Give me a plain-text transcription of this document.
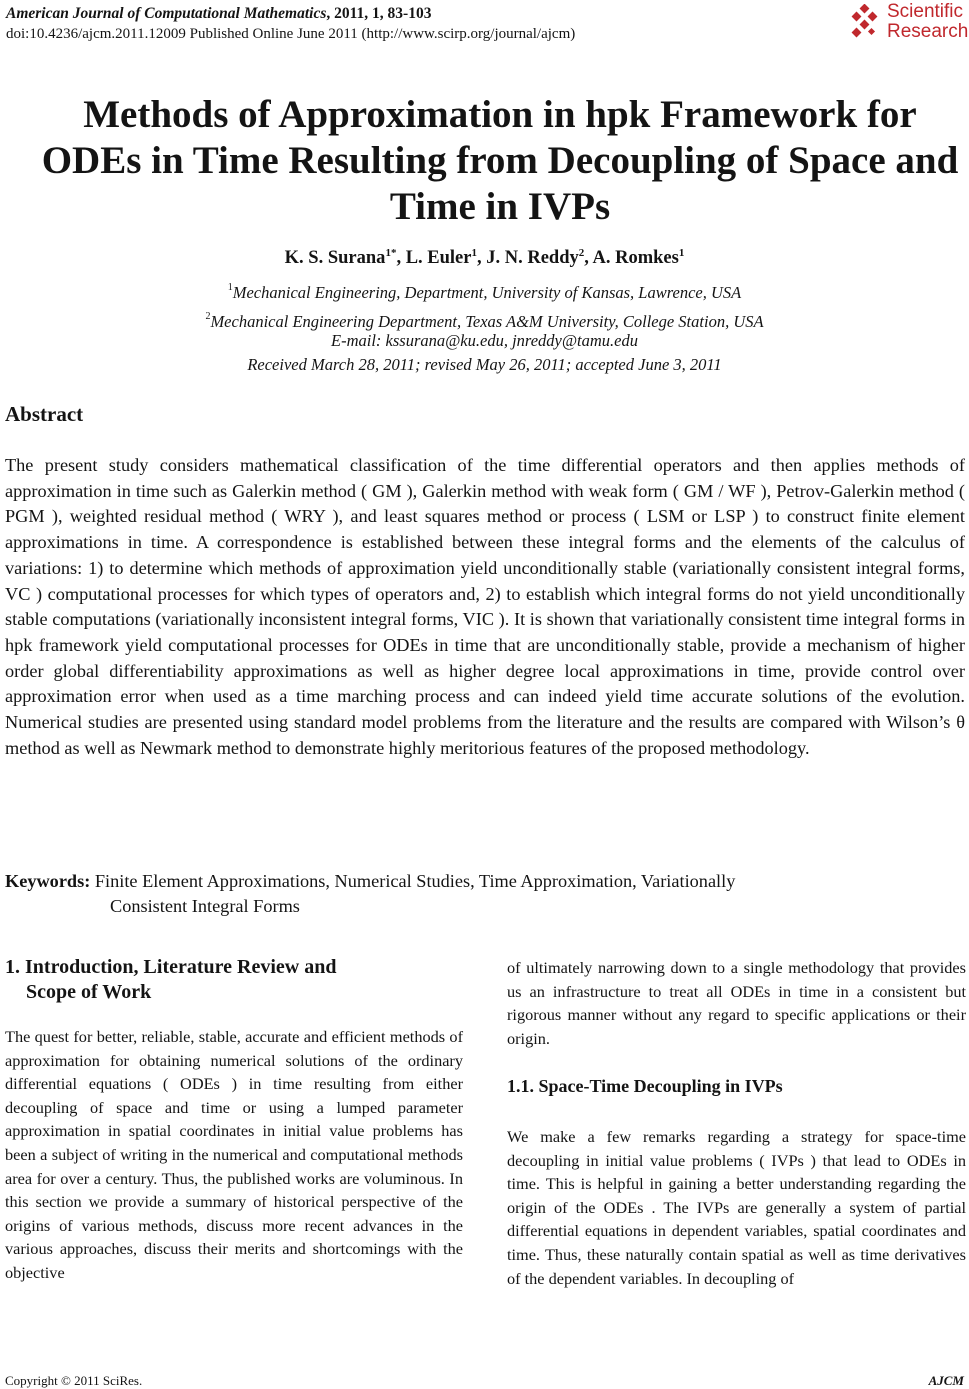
American Journal of Computational Mathematics, 2011, 1, 83-103
doi:10.4236/ajcm.2011.12009 Published Online June 2011 (http://www.scirp.org/journal/ajcm)
Scientific
Research
Methods of Approximation in hpk Framework for ODEs in Time Resulting from Decoupling of Space and Time in IVPs
K. S. Surana$^{1*}$, L. Euler$^1$, J. N. Reddy$^2$, A. Romkes$^1$
$^1$Mechanical Engineering, Department, University of Kansas, Lawrence, USA
$^2$Mechanical Engineering Department, Texas A&M University, College Station, USA
E-mail: kssurana@ku.edu, jnreddy@tamu.edu
Received March 28, 2011; revised May 26, 2011; accepted June 3, 2011
Abstract
The present study considers mathematical classification of the time differential operators and then applies methods of approximation in time such as Galerkin method ( GM ), Galerkin method with weak form ( GM / WF ), Petrov-Galerkin method ( PGM ), weighted residual method ( WRY ), and least squares method or process ( LSM or LSP ) to construct finite element approximations in time. A correspondence is established between these integral forms and the elements of the calculus of variations: 1) to determine which methods of approximation yield unconditionally stable (variationally consistent integral forms, VC ) computational processes for which types of operators and, 2) to establish which integral forms do not yield unconditionally stable computations (variationally inconsistent integral forms, VIC ). It is shown that variationally consistent time integral forms in hpk framework yield computational processes for ODEs in time that are unconditionally stable, provide a mechanism of higher order global differentiability approximations as well as higher degree local approximations in time, provide control over approximation error when used as a time marching process and can indeed yield time accurate solutions of the evolution. Numerical studies are presented using standard model problems from the literature and the results are compared with Wilson’s θ method as well as Newmark method to demonstrate highly meritorious features of the proposed methodology.
Keywords: Finite Element Approximations, Numerical Studies, Time Approximation, Variationally
Consistent Integral Forms
1. Introduction, Literature Review and
Scope of Work
The quest for better, reliable, stable, accurate and efficient methods of approximation for obtaining numerical solutions of the ordinary differential equations ( ODEs ) in time resulting from either decoupling of space and time or using a lumped parameter approximation in spatial coordinates in initial value problems has been a subject of writing in the numerical and computational methods area for over a century. Thus, the published works are voluminous. In this section we provide a summary of historical perspective of the origins of various methods, discuss more recent advances in the various approaches, discuss their merits and shortcomings with the objective
of ultimately narrowing down to a single methodology that provides us an infrastructure to treat all ODEs in time in a consistent but rigorous manner without any regard to specific applications or their origin.
1.1. Space-Time Decoupling in IVPs
We make a few remarks regarding a strategy for space-time decoupling in initial value problems ( IVPs ) that lead to ODEs in time. This is helpful in gaining a better understanding regarding the origin of the ODEs . The IVPs are generally a system of partial differential equations in dependent variables, spatial coordinates and time. Thus, these naturally contain spatial as well as time derivatives of the dependent variables. In decoupling of
Copyright © 2011 SciRes.	AJCM
